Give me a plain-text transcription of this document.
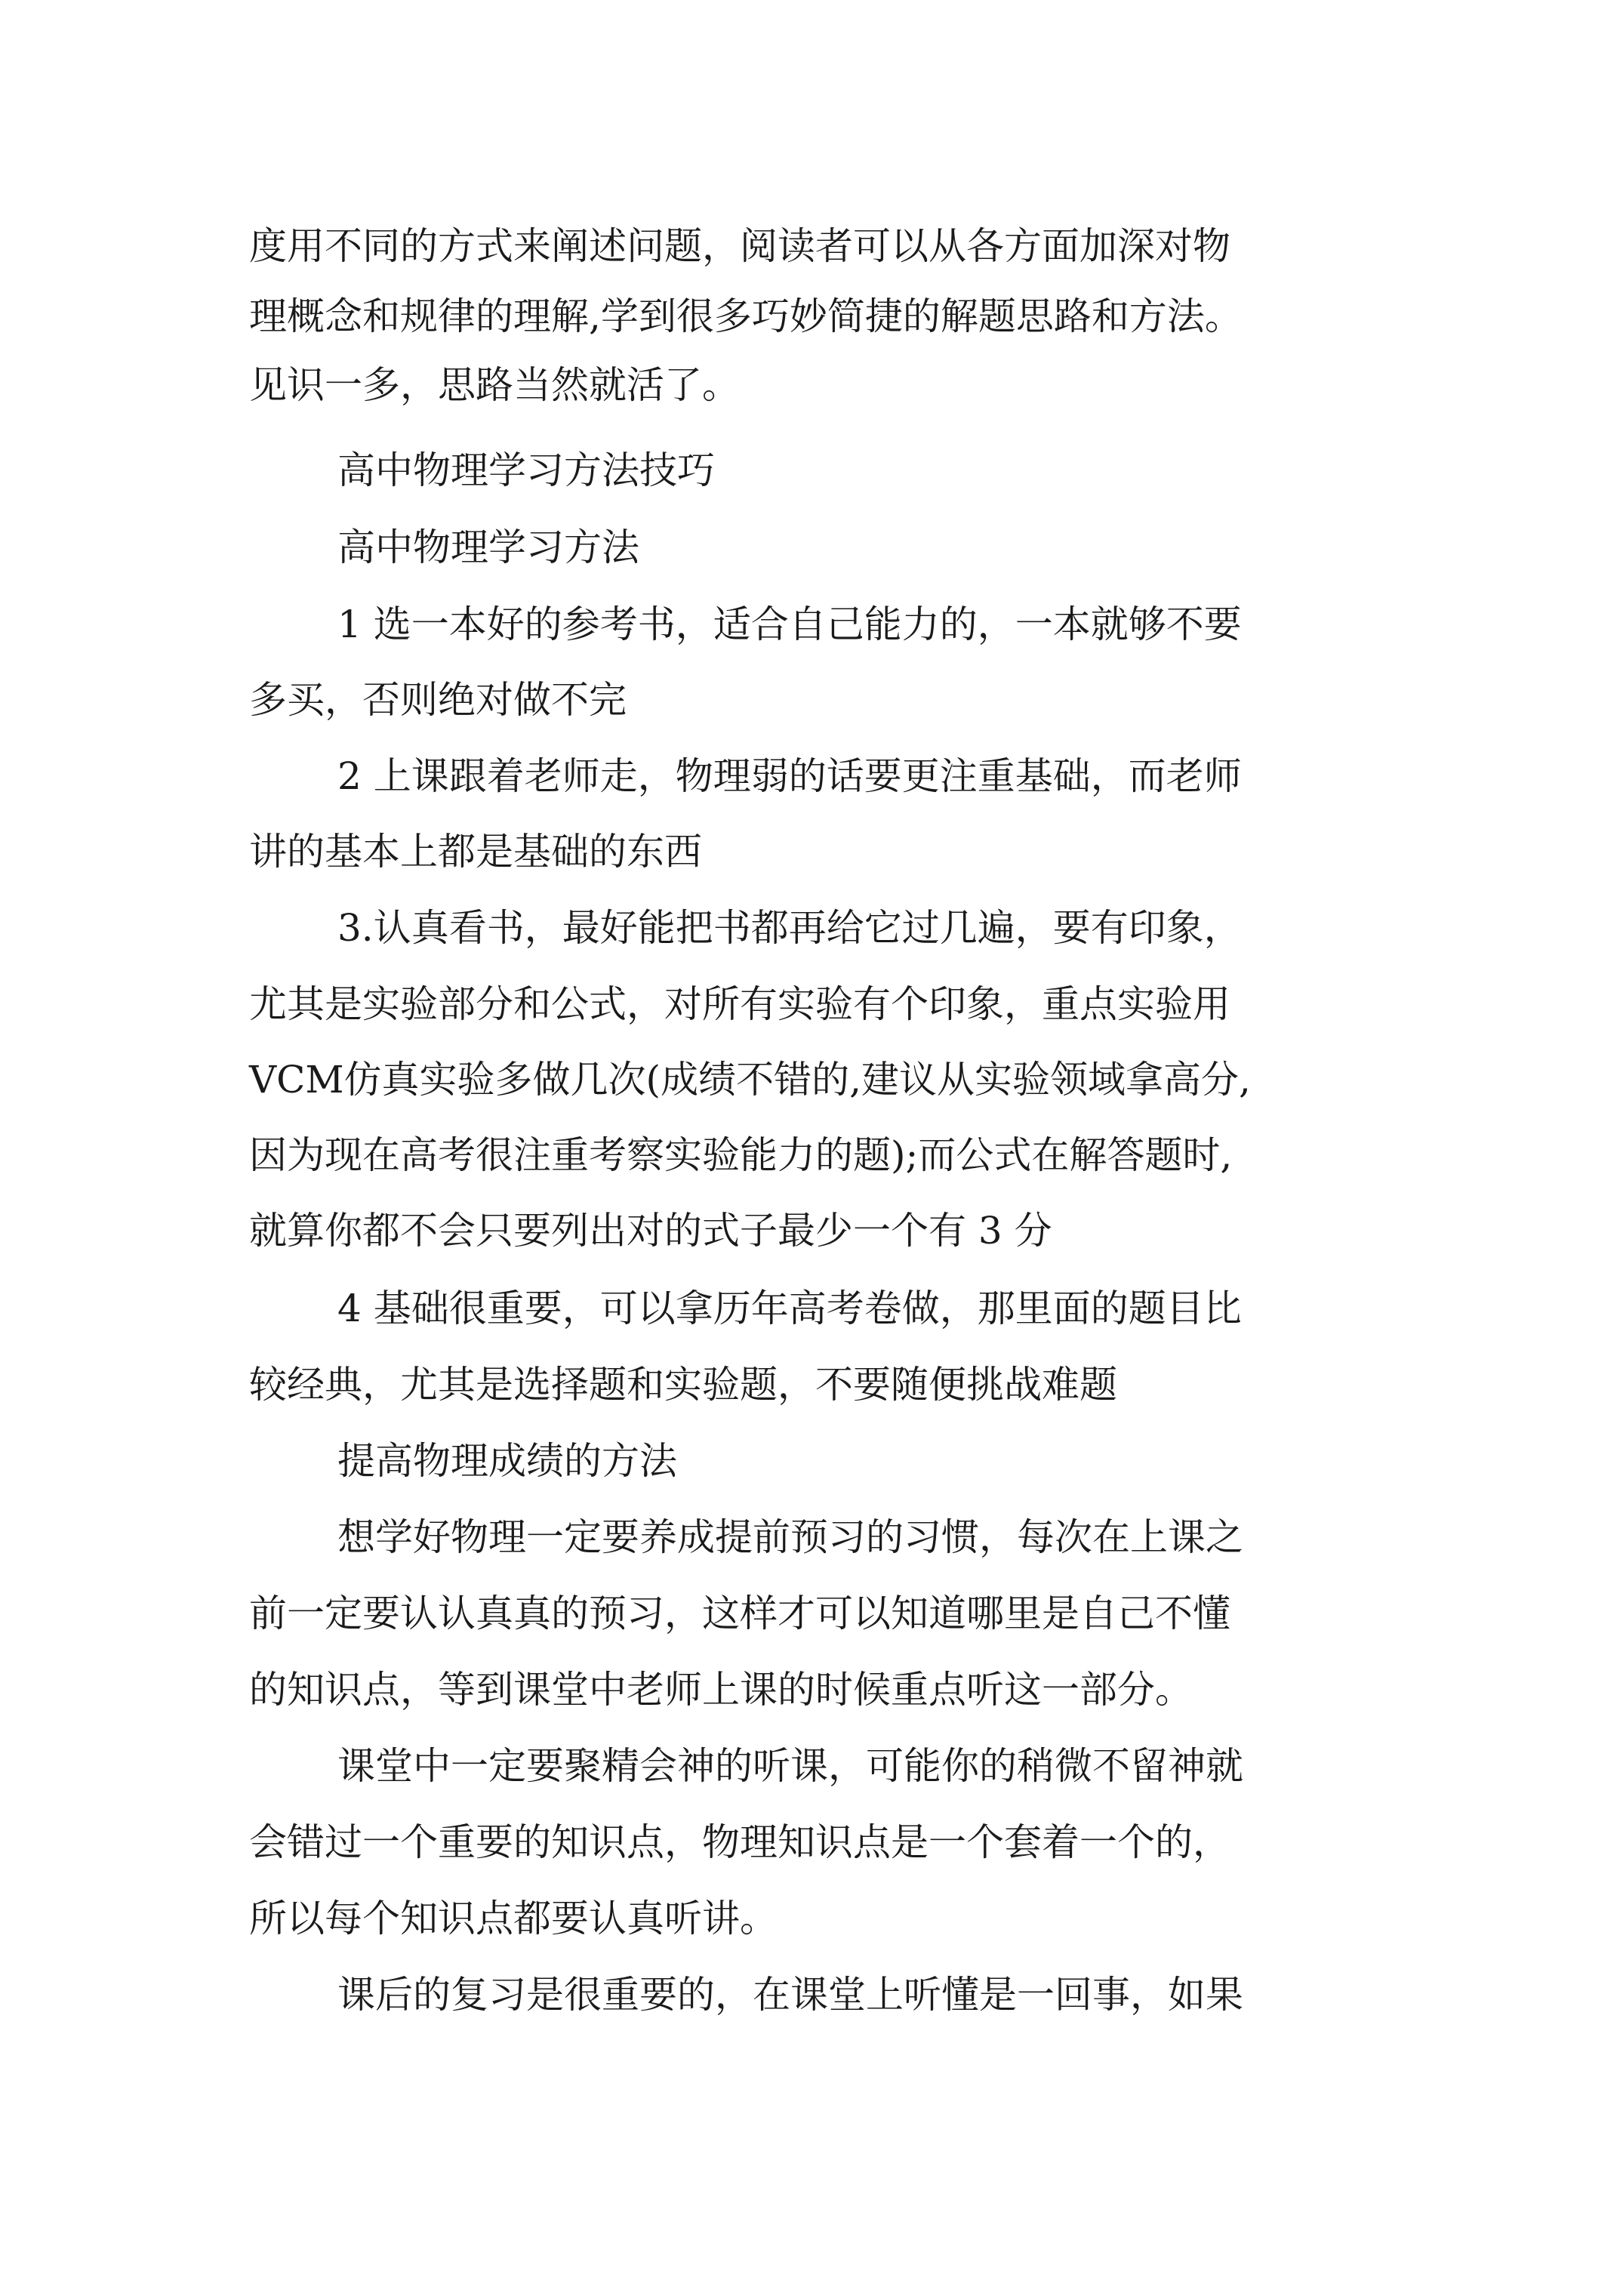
度用不同的方式来阐述问题，阅读者可以从各方面加深对物
理概念和规律的理解,学到很多巧妙简捷的解题思路和方法。
见识一多，思路当然就活了。
高中物理学习方法技巧
高中物理学习方法
1 选一本好的参考书，适合自己能力的，一本就够不要
多买，否则绝对做不完
2 上课跟着老师走，物理弱的话要更注重基础，而老师
讲的基本上都是基础的东西
3.认真看书，最好能把书都再给它过几遍，要有印象，
尤其是实验部分和公式，对所有实验有个印象，重点实验用
VCM仿真实验多做几次(成绩不错的,建议从实验领域拿高分,
因为现在高考很注重考察实验能力的题);而公式在解答题时,
就算你都不会只要列出对的式子最少一个有 3 分
4 基础很重要，可以拿历年高考卷做，那里面的题目比
较经典，尤其是选择题和实验题，不要随便挑战难题
提高物理成绩的方法
想学好物理一定要养成提前预习的习惯，每次在上课之
前一定要认认真真的预习，这样才可以知道哪里是自己不懂
的知识点，等到课堂中老师上课的时候重点听这一部分。
课堂中一定要聚精会神的听课，可能你的稍微不留神就
会错过一个重要的知识点，物理知识点是一个套着一个的，
所以每个知识点都要认真听讲。
课后的复习是很重要的，在课堂上听懂是一回事，如果
